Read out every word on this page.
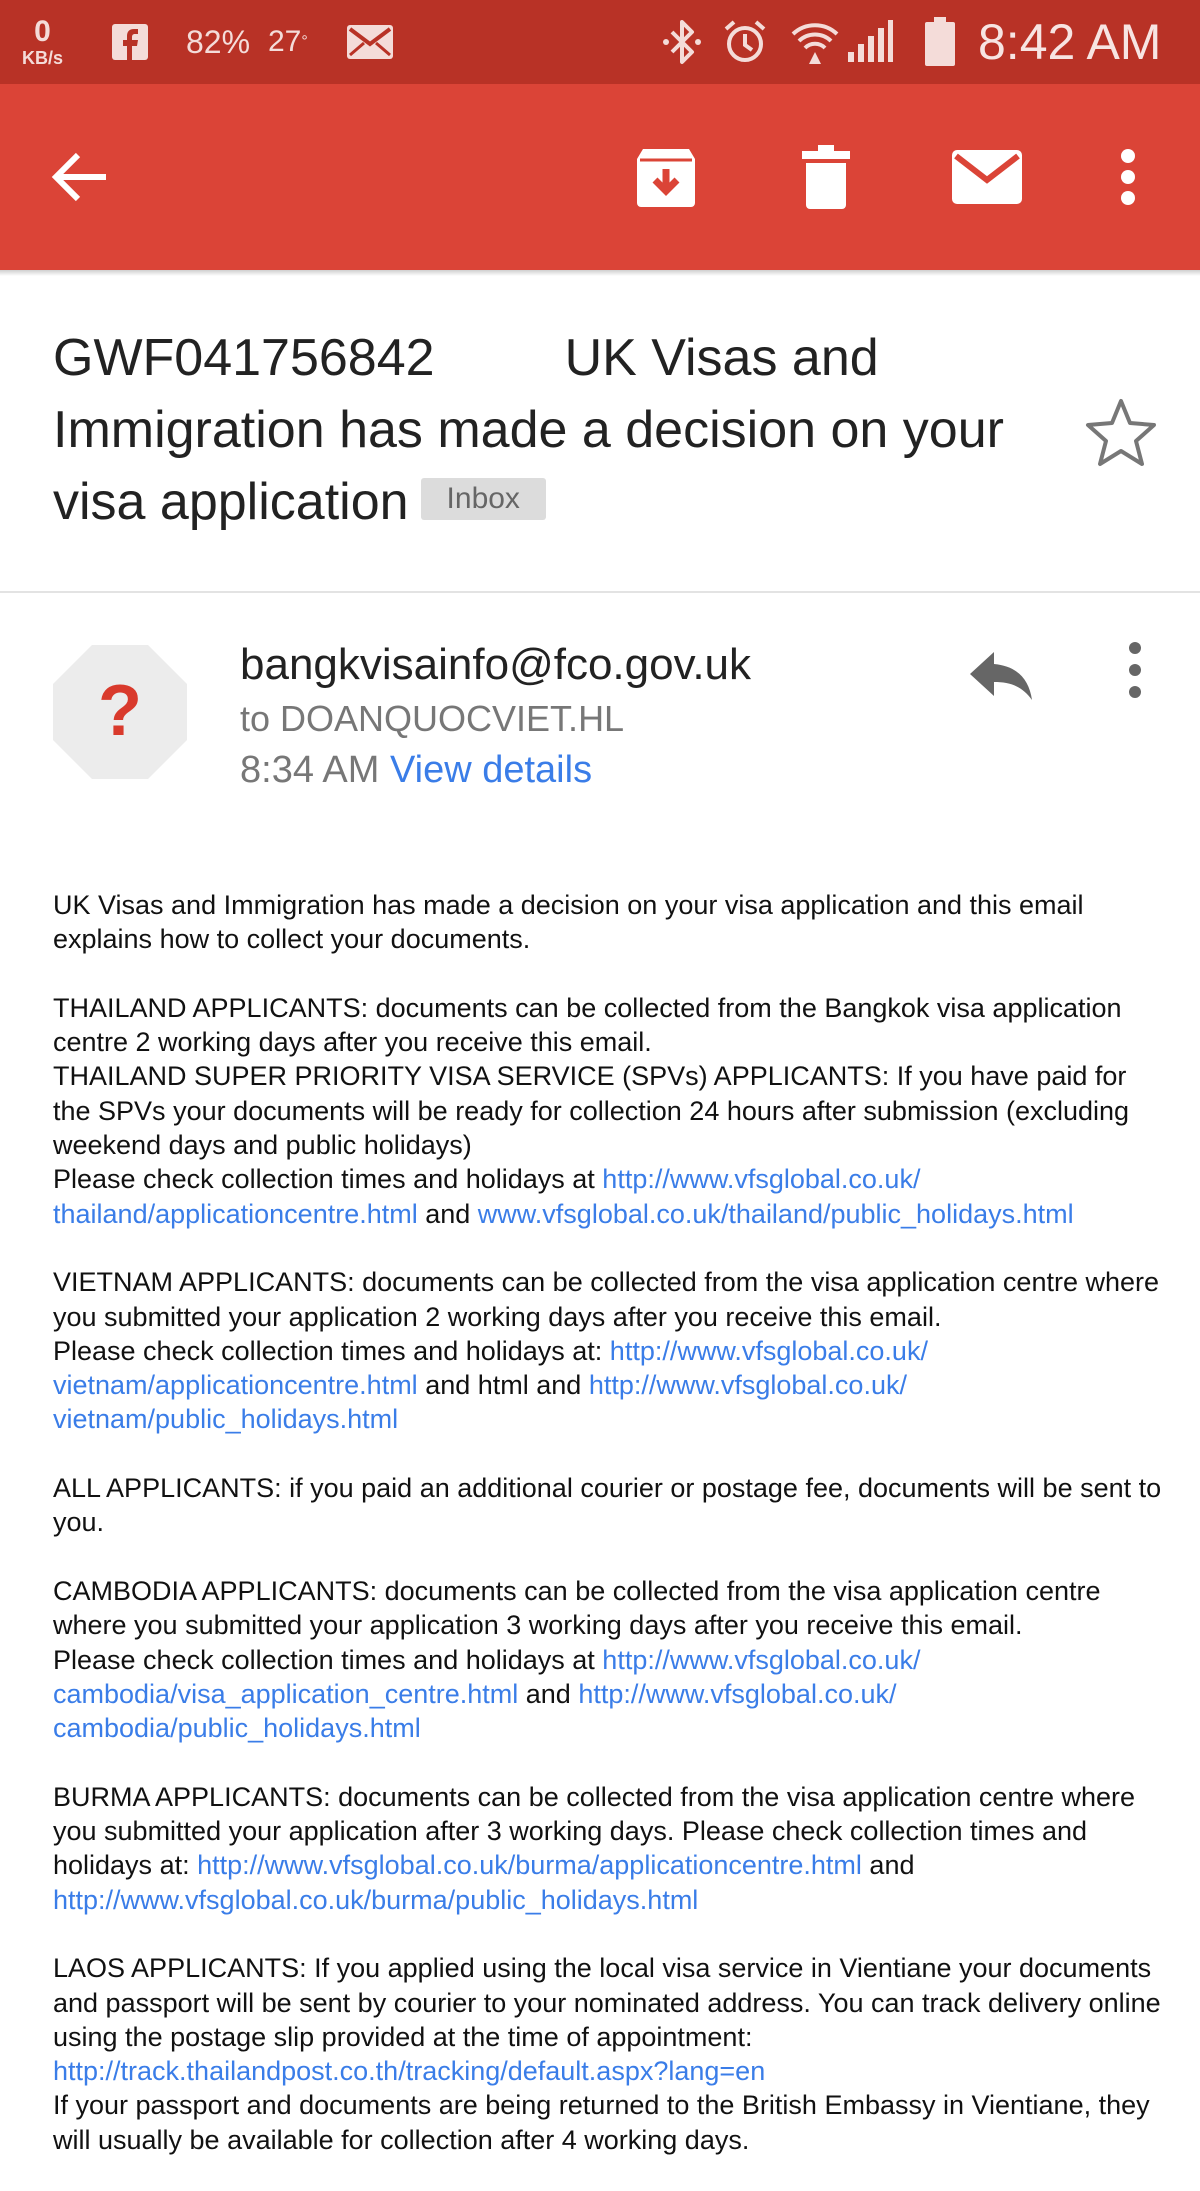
0
KB/s	82% 27 °	8:42 AM
GWF041756842	UK Visas and Immigration has made a decision on your visa application Inbox
?
bangkvisainfo@fco.gov.uk
to DOANQUOCVIET.HL
8:34 AM View details

UK Visas and Immigration has made a decision on your visa application and this email explains how to collect your documents.

THAILAND APPLICANTS: documents can be collected from the Bangkok visa application centre 2 working days after you receive this email.
THAILAND SUPER PRIORITY VISA SERVICE (SPVs) APPLICANTS: If you have paid for the SPVs your documents will be ready for collection 24 hours after submission (excluding weekend days and public holidays)
Please check collection times and holidays at http://www.vfsglobal.co.uk/ thailand/applicationcentre.html and www.vfsglobal.co.uk/thailand/public_holidays.html

VIETNAM APPLICANTS: documents can be collected from the visa application centre where you submitted your application 2 working days after you receive this email.
Please check collection times and holidays at: http://www.vfsglobal.co.uk/ vietnam/applicationcentre.html and html and http://www.vfsglobal.co.uk/ vietnam/public_holidays.html

ALL APPLICANTS: if you paid an additional courier or postage fee, documents will be sent to you.

CAMBODIA APPLICANTS: documents can be collected from the visa application centre where you submitted your application 3 working days after you receive this email.
Please check collection times and holidays at http://www.vfsglobal.co.uk/ cambodia/visa_application_centre.html and http://www.vfsglobal.co.uk/ cambodia/public_holidays.html

BURMA APPLICANTS: documents can be collected from the visa application centre where you submitted your application after 3 working days. Please check collection times and holidays at: http://www.vfsglobal.co.uk/burma/applicationcentre.html and
http://www.vfsglobal.co.uk/burma/public_holidays.html

LAOS APPLICANTS: If you applied using the local visa service in Vientiane your documents and passport will be sent by courier to your nominated address. You can track delivery online using the postage slip provided at the time of appointment:
http://track.thailandpost.co.th/tracking/default.aspx?lang=en
If your passport and documents are being returned to the British Embassy in Vientiane, they will usually be available for collection after 4 working days.
